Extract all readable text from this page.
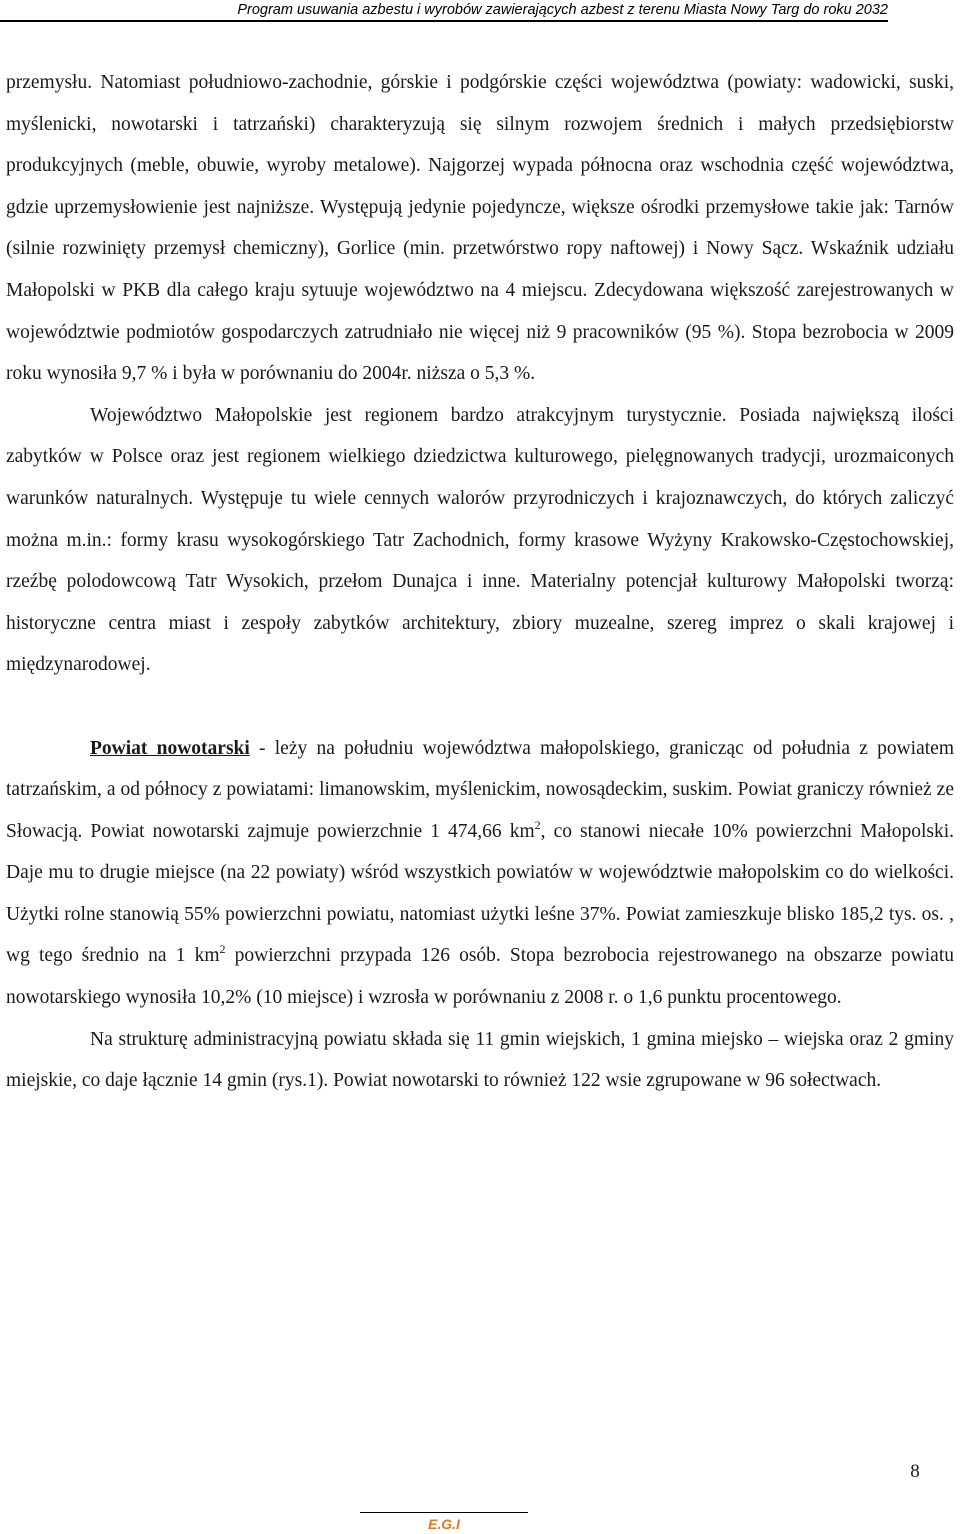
Program usuwania azbestu i wyrobów zawierających azbest z terenu Miasta Nowy Targ do roku 2032

przemysłu. Natomiast południowo-zachodnie, górskie i podgórskie części województwa (powiaty: wadowicki, suski, myślenicki, nowotarski i tatrzański) charakteryzują się silnym rozwojem średnich i małych przedsiębiorstw produkcyjnych (meble, obuwie, wyroby metalowe). Najgorzej wypada północna oraz wschodnia część województwa, gdzie uprzemysłowienie jest najniższe. Występują jedynie pojedyncze, większe ośrodki przemysłowe takie jak: Tarnów (silnie rozwinięty przemysł chemiczny), Gorlice (min. przetwórstwo ropy naftowej) i Nowy Sącz. Wskaźnik udziału Małopolski w PKB dla całego kraju sytuuje województwo na 4 miejscu. Zdecydowana większość zarejestrowanych w województwie podmiotów gospodarczych zatrudniało nie więcej niż 9 pracowników (95 %). Stopa bezrobocia w 2009 roku wynosiła 9,7 % i była w porównaniu do 2004r. niższa o 5,3 %.

Województwo Małopolskie jest regionem bardzo atrakcyjnym turystycznie. Posiada największą ilości zabytków w Polsce oraz jest regionem wielkiego dziedzictwa kulturowego, pielęgnowanych tradycji, urozmaiconych warunków naturalnych. Występuje tu wiele cennych walorów przyrodniczych i krajoznawczych, do których zaliczyć można m.in.: formy krasu wysokogórskiego Tatr Zachodnich, formy krasowe Wyżyny Krakowsko-Częstochowskiej, rzeźbę polodowcową Tatr Wysokich, przełom Dunajca i inne. Materialny potencjał kulturowy Małopolski tworzą: historyczne centra miast i zespoły zabytków architektury, zbiory muzealne, szereg imprez o skali krajowej i międzynarodowej.

Powiat nowotarski - leży na południu województwa małopolskiego, granicząc od południa z powiatem tatrzańskim, a od północy z powiatami: limanowskim, myślenickim, nowosądeckim, suskim. Powiat graniczy również ze Słowacją. Powiat nowotarski zajmuje powierzchnie 1 474,66 $km^2$, co stanowi niecałe 10% powierzchni Małopolski. Daje mu to drugie miejsce (na 22 powiaty) wśród wszystkich powiatów w województwie małopolskim co do wielkości. Użytki rolne stanowią 55% powierzchni powiatu, natomiast użytki leśne 37%. Powiat zamieszkuje blisko 185,2 tys. os. , wg tego średnio na 1 $km^2$ powierzchni przypada 126 osób. Stopa bezrobocia rejestrowanego na obszarze powiatu nowotarskiego wynosiła 10,2% (10 miejsce) i wzrosła w porównaniu z 2008 r. o 1,6 punktu procentowego.

Na strukturę administracyjną powiatu składa się 11 gmin wiejskich, 1 gmina miejsko – wiejska oraz 2 gminy miejskie, co daje łącznie 14 gmin (rys.1). Powiat nowotarski to również 122 wsie zgrupowane w 96 sołectwach.

8
E.G.I
